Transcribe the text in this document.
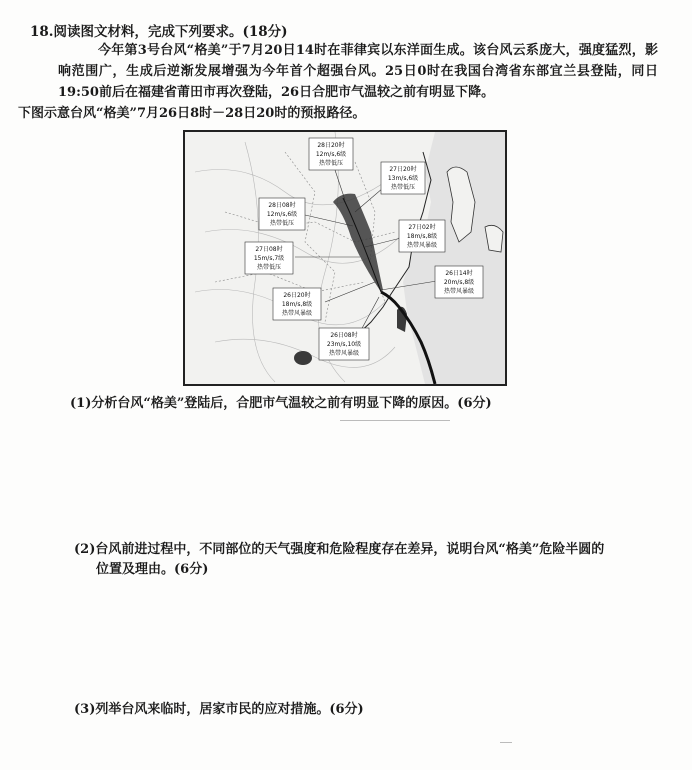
18.阅读图文材料，完成下列要求。(18分)
今年第3号台风“格美”于7月20日14时在菲律宾以东洋面生成。该台风云系庞大，强度猛烈，影响范围广，生成后逆渐发展增强为今年首个超强台风。25日0时在我国台湾省东部宜兰县登陆，同日19:50前后在福建省莆田市再次登陆，26日合肥市气温较之前有明显下降。
下图示意台风“格美”7月26日8时－28日20时的预报路径。
28日20时
12m/s,6级
热带低压
27日20时
13m/s,6级
热带低压
28日08时
12m/s,6级
热带低压
27日02时
18m/s,8级
热带风暴级
27日08时
15m/s,7级
热带低压
26日14时
20m/s,8级
热带风暴级
26日20时
18m/s,8级
热带风暴级
26日08时
23m/s,10级
热带风暴级
(1)分析台风“格美”登陆后，合肥市气温较之前有明显下降的原因。(6分)
(2)台风前进过程中，不同部位的天气强度和危险程度存在差异，说明台风“格美”危险半圆的
位置及理由。(6分)
(3)列举台风来临时，居家市民的应对措施。(6分)
